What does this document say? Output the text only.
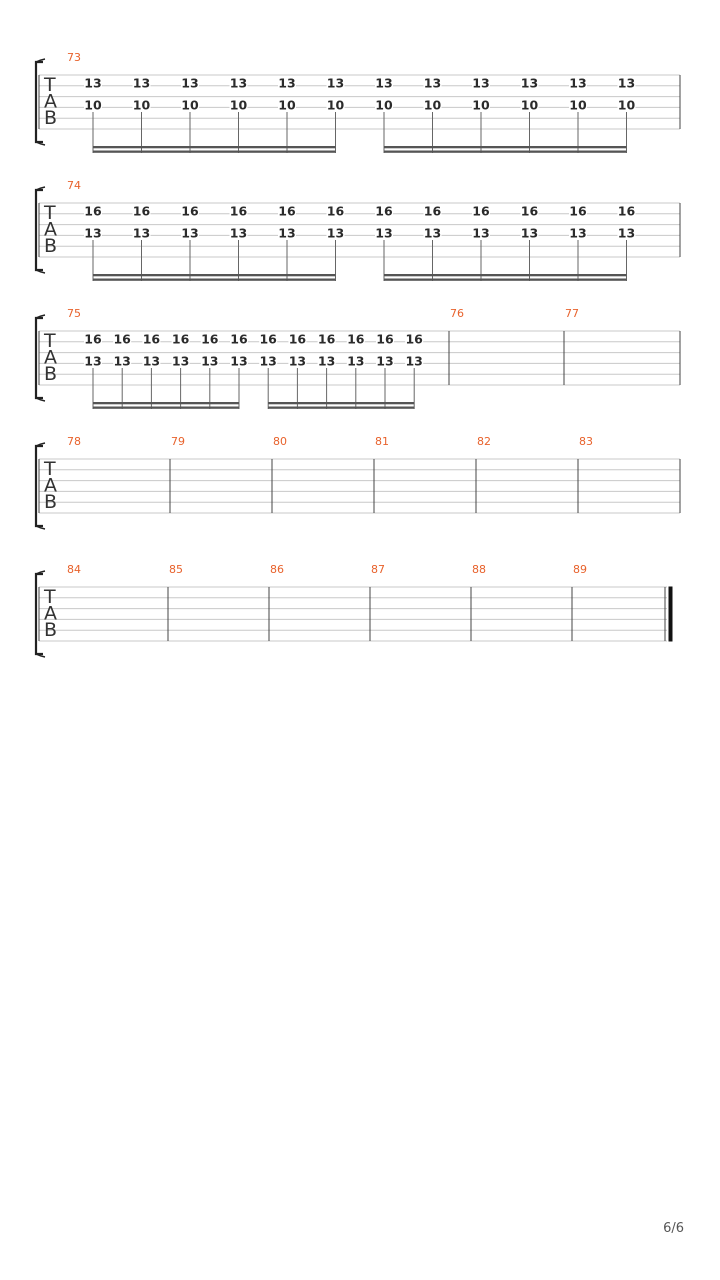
T
A
B
73
13
10
13
10
13
10
13
10
13
10
13
10
13
10
13
10
13
10
13
10
13
10
13
10
T
A
B
74
16
13
16
13
16
13
16
13
16
13
16
13
16
13
16
13
16
13
16
13
16
13
16
13
T
A
B
75
16
13
16
13
16
13
16
13
16
13
16
13
16
13
16
13
16
13
16
13
16
13
16
13
76	77
T
A
B
78	79	80	81	82	83
T
A
B
84	85	86	87	88	89
6/6
